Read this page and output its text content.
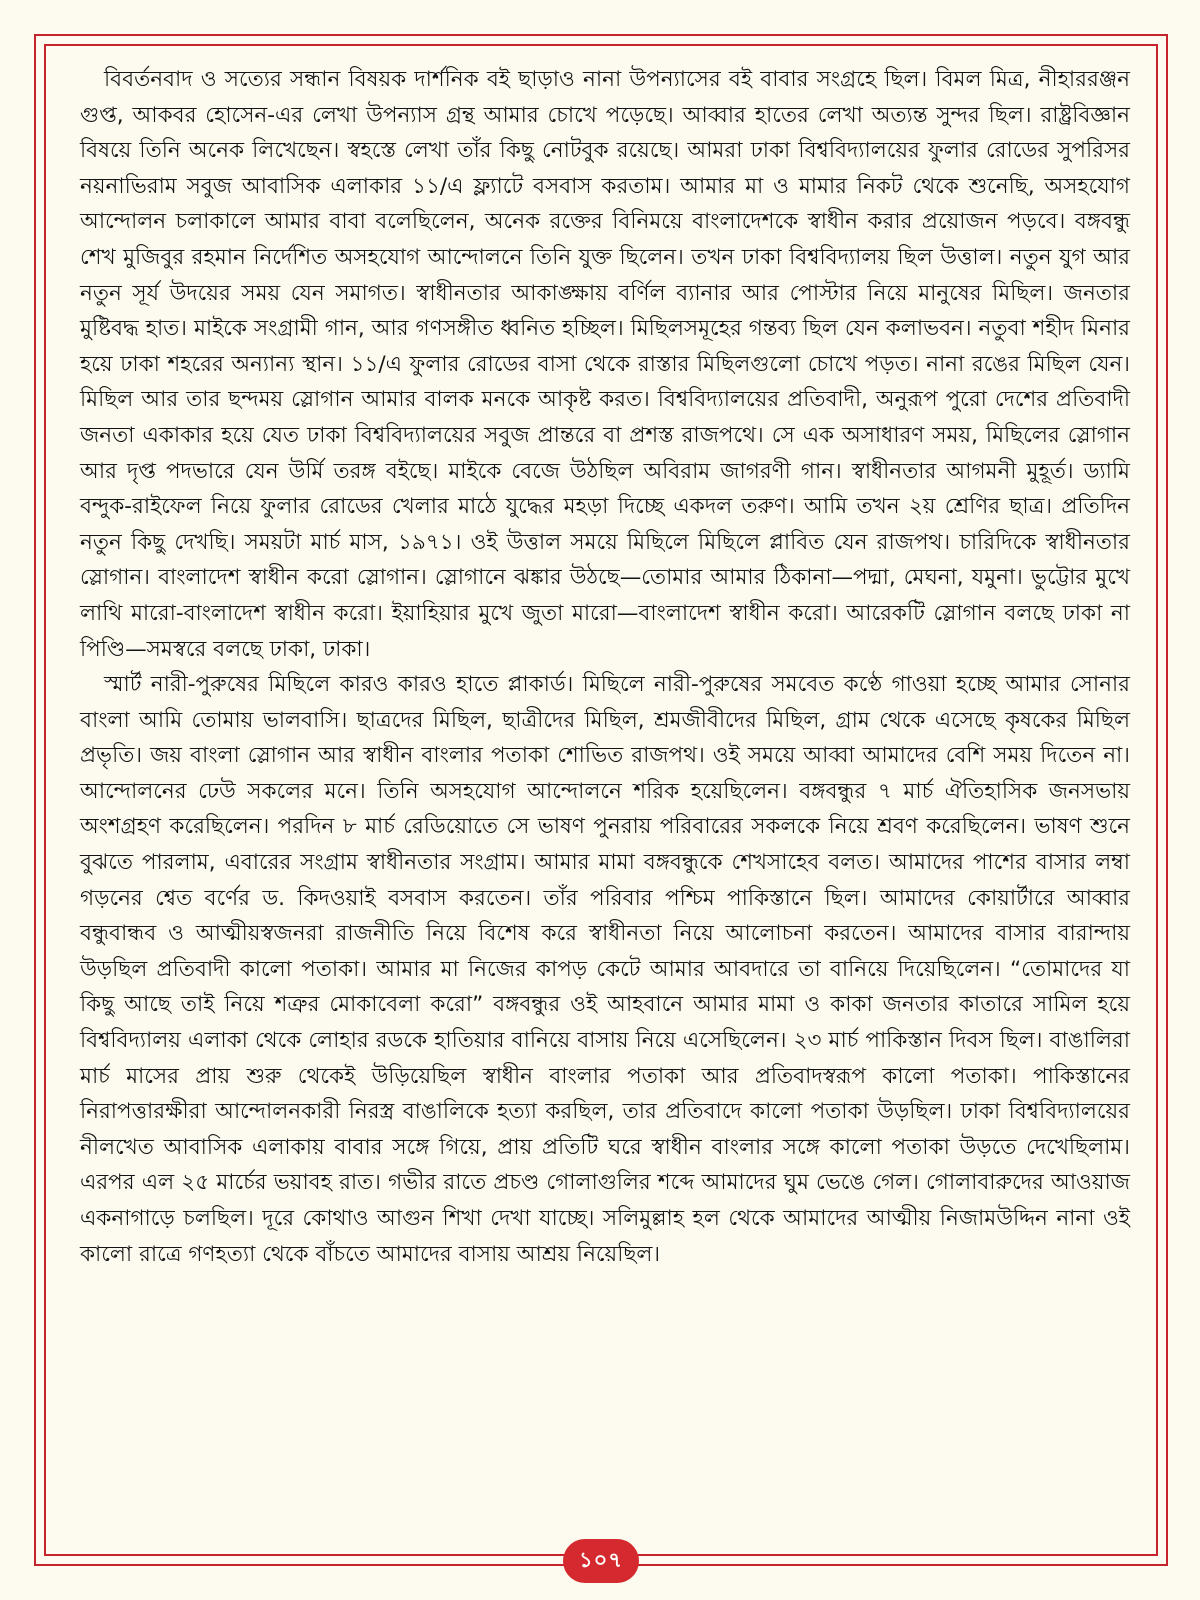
বিবর্তনবাদ ও সত্যের সন্ধান বিষয়ক দার্শনিক বই ছাড়াও নানা উপন্যাসের বই বাবার সংগ্রহে ছিল। বিমল মিত্র, নীহাররঞ্জন গুপ্ত, আকবর হোসেন-এর লেখা উপন্যাস গ্রন্থ আমার চোখে পড়েছে। আব্বার হাতের লেখা অত্যন্ত সুন্দর ছিল। রাষ্ট্রবিজ্ঞান বিষয়ে তিনি অনেক লিখেছেন। স্বহস্তে লেখা তাঁর কিছু নোটবুক রয়েছে। আমরা ঢাকা বিশ্ববিদ্যালয়ের ফুলার রোডের সুপরিসর নয়নাভিরাম সবুজ আবাসিক এলাকার ১১/এ ফ্ল্যাটে বসবাস করতাম। আমার মা ও মামার নিকট থেকে শুনেছি, অসহযোগ আন্দোলন চলাকালে আমার বাবা বলেছিলেন, অনেক রক্তের বিনিময়ে বাংলাদেশকে স্বাধীন করার প্রয়োজন পড়বে। বঙ্গবন্ধু শেখ মুজিবুর রহমান নির্দেশিত অসহযোগ আন্দোলনে তিনি যুক্ত ছিলেন। তখন ঢাকা বিশ্ববিদ্যালয় ছিল উত্তাল। নতুন যুগ আর নতুন সূর্য উদয়ের সময় যেন সমাগত। স্বাধীনতার আকাঙ্ক্ষায় বর্ণিল ব্যানার আর পোস্টার নিয়ে মানুষের মিছিল। জনতার মুষ্টিবদ্ধ হাত। মাইকে সংগ্রামী গান, আর গণসঙ্গীত ধ্বনিত হচ্ছিল। মিছিলসমূহের গন্তব্য ছিল যেন কলাভবন। নতুবা শহীদ মিনার হয়ে ঢাকা শহরের অন্যান্য স্থান। ১১/এ ফুলার রোডের বাসা থেকে রাস্তার মিছিলগুলো চোখে পড়ত। নানা রঙের মিছিল যেন। মিছিল আর তার ছন্দময় স্লোগান আমার বালক মনকে আকৃষ্ট করত। বিশ্ববিদ্যালয়ের প্রতিবাদী, অনুরূপ পুরো দেশের প্রতিবাদী জনতা একাকার হয়ে যেত ঢাকা বিশ্ববিদ্যালয়ের সবুজ প্রান্তরে বা প্রশস্ত রাজপথে। সে এক অসাধারণ সময়, মিছিলের স্লোগান আর দৃপ্ত পদভারে যেন উর্মি তরঙ্গ বইছে। মাইকে বেজে উঠছিল অবিরাম জাগরণী গান। স্বাধীনতার আগমনী মুহূর্ত। ড্যামি বন্দুক-রাইফেল নিয়ে ফুলার রোডের খেলার মাঠে যুদ্ধের মহড়া দিচ্ছে একদল তরুণ। আমি তখন ২য় শ্রেণির ছাত্র। প্রতিদিন নতুন কিছু দেখছি। সময়টা মার্চ মাস, ১৯৭১। ওই উত্তাল সময়ে মিছিলে মিছিলে প্লাবিত যেন রাজপথ। চারিদিকে স্বাধীনতার স্লোগান। বাংলাদেশ স্বাধীন করো স্লোগান। স্লোগানে ঝঙ্কার উঠছে—তোমার আমার ঠিকানা—পদ্মা, মেঘনা, যমুনা। ভুট্টোর মুখে লাথি মারো-বাংলাদেশ স্বাধীন করো। ইয়াহিয়ার মুখে জুতা মারো—বাংলাদেশ স্বাধীন করো। আরেকটি স্লোগান বলছে ঢাকা না পিণ্ডি—সমস্বরে বলছে ঢাকা, ঢাকা।

স্মার্ট নারী-পুরুষের মিছিলে কারও কারও হাতে প্লাকার্ড। মিছিলে নারী-পুরুষের সমবেত কণ্ঠে গাওয়া হচ্ছে আমার সোনার বাংলা আমি তোমায় ভালবাসি। ছাত্রদের মিছিল, ছাত্রীদের মিছিল, শ্রমজীবীদের মিছিল, গ্রাম থেকে এসেছে কৃষকের মিছিল প্রভৃতি। জয় বাংলা স্লোগান আর স্বাধীন বাংলার পতাকা শোভিত রাজপথ। ওই সময়ে আব্বা আমাদের বেশি সময় দিতেন না। আন্দোলনের ঢেউ সকলের মনে। তিনি অসহযোগ আন্দোলনে শরিক হয়েছিলেন। বঙ্গবন্ধুর ৭ মার্চ ঐতিহাসিক জনসভায় অংশগ্রহণ করেছিলেন। পরদিন ৮ মার্চ রেডিয়োতে সে ভাষণ পুনরায় পরিবারের সকলকে নিয়ে শ্রবণ করেছিলেন। ভাষণ শুনে বুঝতে পারলাম, এবারের সংগ্রাম স্বাধীনতার সংগ্রাম। আমার মামা বঙ্গবন্ধুকে শেখসাহেব বলত। আমাদের পাশের বাসার লম্বা গড়নের শ্বেত বর্ণের ড. কিদওয়াই বসবাস করতেন। তাঁর পরিবার পশ্চিম পাকিস্তানে ছিল। আমাদের কোয়ার্টারে আব্বার বন্ধুবান্ধব ও আত্মীয়স্বজনরা রাজনীতি নিয়ে বিশেষ করে স্বাধীনতা নিয়ে আলোচনা করতেন। আমাদের বাসার বারান্দায় উড়ছিল প্রতিবাদী কালো পতাকা। আমার মা নিজের কাপড় কেটে আমার আবদারে তা বানিয়ে দিয়েছিলেন। “তোমাদের যা কিছু আছে তাই নিয়ে শত্রুর মোকাবেলা করো” বঙ্গবন্ধুর ওই আহবানে আমার মামা ও কাকা জনতার কাতারে সামিল হয়ে বিশ্ববিদ্যালয় এলাকা থেকে লোহার রডকে হাতিয়ার বানিয়ে বাসায় নিয়ে এসেছিলেন। ২৩ মার্চ পাকিস্তান দিবস ছিল। বাঙালিরা মার্চ মাসের প্রায় শুরু থেকেই উড়িয়েছিল স্বাধীন বাংলার পতাকা আর প্রতিবাদস্বরূপ কালো পতাকা। পাকিস্তানের নিরাপত্তারক্ষীরা আন্দোলনকারী নিরস্ত্র বাঙালিকে হত্যা করছিল, তার প্রতিবাদে কালো পতাকা উড়ছিল। ঢাকা বিশ্ববিদ্যালয়ের নীলখেত আবাসিক এলাকায় বাবার সঙ্গে গিয়ে, প্রায় প্রতিটি ঘরে স্বাধীন বাংলার সঙ্গে কালো পতাকা উড়তে দেখেছিলাম। এরপর এল ২৫ মার্চের ভয়াবহ রাত। গভীর রাতে প্রচণ্ড গোলাগুলির শব্দে আমাদের ঘুম ভেঙে গেল। গোলাবারুদের আওয়াজ একনাগাড়ে চলছিল। দূরে কোথাও আগুন শিখা দেখা যাচ্ছে। সলিমুল্লাহ হল থেকে আমাদের আত্মীয় নিজামউদ্দিন নানা ওই কালো রাত্রে গণহত্যা থেকে বাঁচতে আমাদের বাসায় আশ্রয় নিয়েছিল।

১০৭
